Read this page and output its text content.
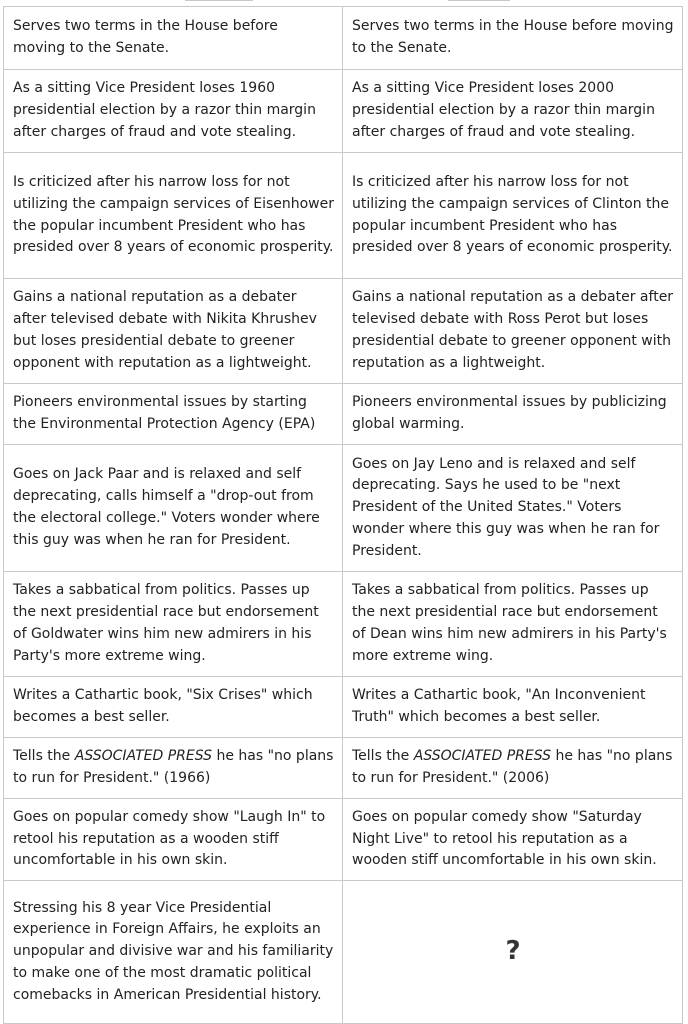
Serves two terms in the House before moving to the Senate.	Serves two terms in the House before moving to the Senate.
As a sitting Vice President loses 1960 presidential election by a razor thin margin after charges of fraud and vote stealing.	As a sitting Vice President loses 2000 presidential election by a razor thin margin after charges of fraud and vote stealing.
Is criticized after his narrow loss for not utilizing the campaign services of Eisenhower the popular incumbent President who has presided over 8 years of economic prosperity.	Is criticized after his narrow loss for not utilizing the campaign services of Clinton the popular incumbent President who has presided over 8 years of economic prosperity.
Gains a national reputation as a debater after televised debate with Nikita Khrushev but loses presidential debate to greener opponent with reputation as a lightweight.	Gains a national reputation as a debater after televised debate with Ross Perot but loses presidential debate to greener opponent with reputation as a lightweight.
Pioneers environmental issues by starting the Environmental Protection Agency (EPA)	Pioneers environmental issues by publicizing global warming.
Goes on Jack Paar and is relaxed and self deprecating, calls himself a "drop-out from the electoral college." Voters wonder where this guy was when he ran for President.	Goes on Jay Leno and is relaxed and self deprecating. Says he used to be "next President of the United States." Voters wonder where this guy was when he ran for President.
Takes a sabbatical from politics. Passes up the next presidential race but endorsement of Goldwater wins him new admirers in his Party's more extreme wing.	Takes a sabbatical from politics. Passes up the next presidential race but endorsement of Dean wins him new admirers in his Party's more extreme wing.
Writes a Cathartic book, "Six Crises" which becomes a best seller.	Writes a Cathartic book, "An Inconvenient Truth" which becomes a best seller.
Tells the ASSOCIATED PRESS he has "no plans to run for President." (1966)	Tells the ASSOCIATED PRESS he has "no plans to run for President." (2006)
Goes on popular comedy show "Laugh In" to retool his reputation as a wooden stiff uncomfortable in his own skin.	Goes on popular comedy show "Saturday Night Live" to retool his reputation as a wooden stiff uncomfortable in his own skin.
Stressing his 8 year Vice Presidential experience in Foreign Affairs, he exploits an unpopular and divisive war and his familiarity to make one of the most dramatic political comebacks in American Presidential history.	?
